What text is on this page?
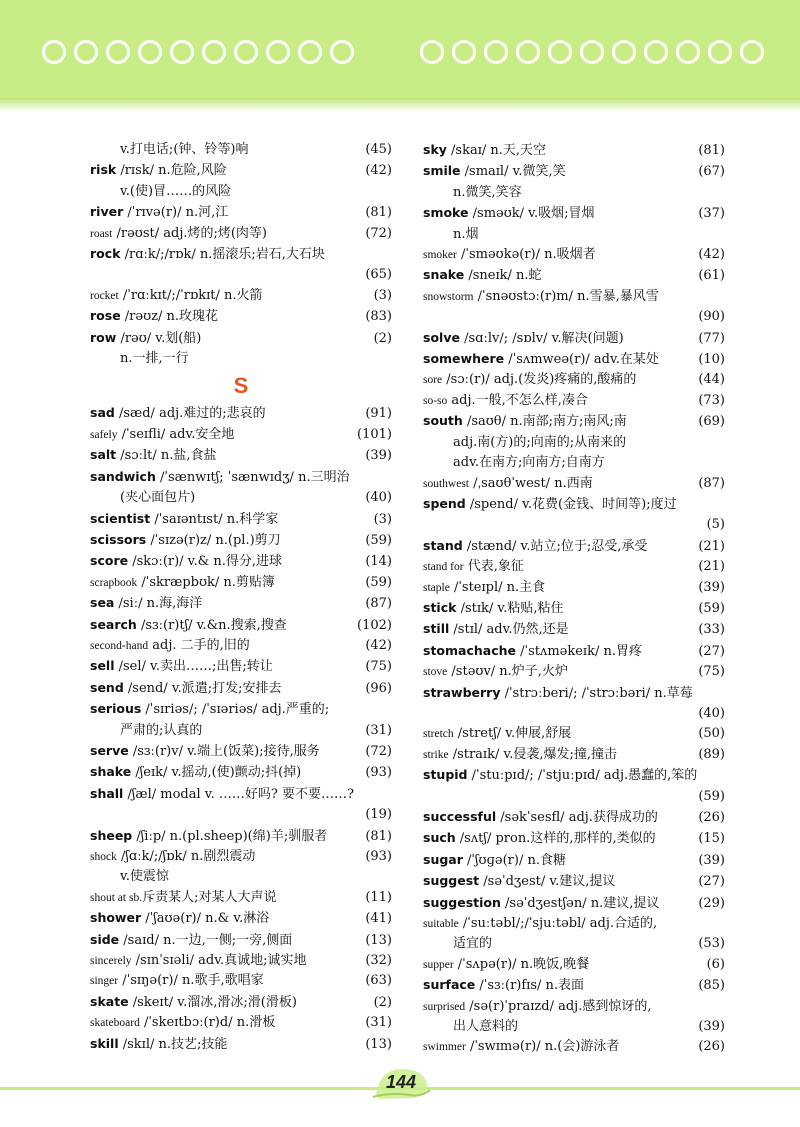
v.打电话;(钟、铃等)响	(45)
risk /rɪsk/ n.危险,风险	(42)
v.(使)冒……的风险
river /ˈrɪvə(r)/ n.河,江	(81)
roast /rəʊst/ adj.烤的;烤(肉等)	(72)
rock /rɑːk/;/rɒk/ n.摇滚乐;岩石,大石块
(65)
rocket /ˈrɑːkɪt/;/ˈrɒkɪt/ n.火箭	(3)
rose /rəʊz/ n.玫瑰花	(83)
row /rəʊ/ v.划(船)	(2)
n.一排,一行
S
sad /sæd/ adj.难过的;悲哀的	(91)
safely /ˈseɪfli/ adv.安全地	(101)
salt /sɔːlt/ n.盐,食盐	(39)
sandwich /ˈsænwɪtʃ; ˈsænwɪdʒ/ n.三明治
(夹心面包片)	(40)
scientist /ˈsaɪəntɪst/ n.科学家	(3)
scissors /ˈsɪzə(r)z/ n.(pl.)剪刀	(59)
score /skɔː(r)/ v.& n.得分,进球	(14)
scrapbook /ˈskræpbʊk/ n.剪贴簿	(59)
sea /siː/ n.海,海洋	(87)
search /sɜː(r)tʃ/ v.&n.搜索,搜查	(102)
second-hand adj. 二手的,旧的	(42)
sell /sel/ v.卖出……;出售;转让	(75)
send /send/ v.派遣;打发;安排去	(96)
serious /ˈsɪriəs/; /ˈsɪəriəs/ adj.严重的;
严肃的;认真的	(31)
serve /sɜː(r)v/ v.端上(饭菜);接待,服务	(72)
shake /ʃeɪk/ v.摇动,(使)颤动;抖(掉)	(93)
shall /ʃæl/ modal v. ……好吗? 要不要……?
(19)
sheep /ʃiːp/ n.(pl.sheep)(绵)羊;驯服者	(81)
shock /ʃɑːk/;/ʃɒk/ n.剧烈震动	(93)
v.使震惊
shout at sb.斥责某人;对某人大声说	(11)
shower /ˈʃaʊə(r)/ n.& v.淋浴	(41)
side /saɪd/ n.一边,一侧;一旁,侧面	(13)
sincerely /sɪnˈsɪəli/ adv.真诚地;诚实地	(32)
singer /ˈsɪŋə(r)/ n.歌手,歌唱家	(63)
skate /skeɪt/ v.溜冰,滑冰;滑(滑板)	(2)
skateboard /ˈskeɪtbɔː(r)d/ n.滑板	(31)
skill /skɪl/ n.技艺;技能	(13)
sky /skaɪ/ n.天,天空	(81)
smile /smaɪl/ v.微笑,笑	(67)
n.微笑,笑容
smoke /sməʊk/ v.吸烟;冒烟	(37)
n.烟
smoker /ˈsməʊkə(r)/ n.吸烟者	(42)
snake /sneɪk/ n.蛇	(61)
snowstorm /ˈsnəʊstɔː(r)m/ n.雪暴,暴风雪
(90)
solve /sɑːlv/; /sɒlv/ v.解决(问题)	(77)
somewhere /ˈsʌmweə(r)/ adv.在某处	(10)
sore /sɔː(r)/ adj.(发炎)疼痛的,酸痛的	(44)
so-so adj.一般,不怎么样,凑合	(73)
south /saʊθ/ n.南部;南方;南风;南	(69)
adj.南(方)的;向南的;从南来的
adv.在南方;向南方;自南方
southwest /ˌsaʊθˈwest/ n.西南	(87)
spend /spend/ v.花费(金钱、时间等);度过
(5)
stand /stænd/ v.站立;位于;忍受,承受	(21)
stand for 代表,象征	(21)
staple /ˈsteɪpl/ n.主食	(39)
stick /stɪk/ v.粘贴,粘住	(59)
still /stɪl/ adv.仍然,还是	(33)
stomachache /ˈstʌməkeɪk/ n.胃疼	(27)
stove /stəʊv/ n.炉子,火炉	(75)
strawberry /ˈstrɔːberi/; /ˈstrɔːbəri/ n.草莓
(40)
stretch /stretʃ/ v.伸展,舒展	(50)
strike /straɪk/ v.侵袭,爆发;撞,撞击	(89)
stupid /ˈstuːpɪd/; /ˈstjuːpɪd/ adj.愚蠢的,笨的
(59)
successful /səkˈsesfl/ adj.获得成功的	(26)
such /sʌtʃ/ pron.这样的,那样的,类似的	(15)
sugar /ˈʃʊɡə(r)/ n.食糖	(39)
suggest /səˈdʒest/ v.建议,提议	(27)
suggestion /səˈdʒestʃən/ n.建议,提议	(29)
suitable /ˈsuːtəbl/;/ˈsjuːtəbl/ adj.合适的,
适宜的	(53)
supper /ˈsʌpə(r)/ n.晚饭,晚餐	(6)
surface /ˈsɜː(r)fɪs/ n.表面	(85)
surprised /sə(r)ˈpraɪzd/ adj.感到惊讶的,
出人意料的	(39)
swimmer /ˈswɪmə(r)/ n.(会)游泳者	(26)
144
